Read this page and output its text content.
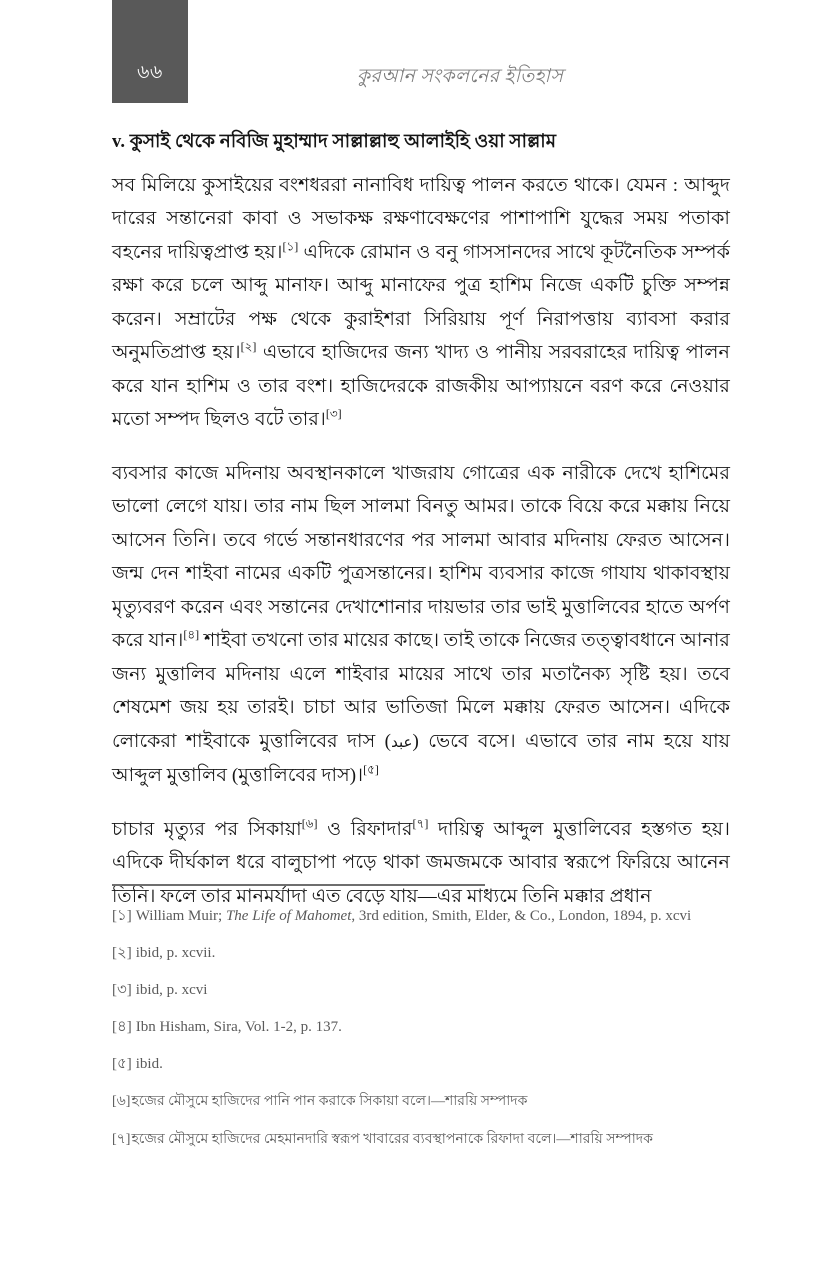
৬৬	কুরআন সংকলনের ইতিহাস
v. কুসাই থেকে নবিজি মুহাম্মাদ সাল্লাল্লাহু আলাইহি ওয়া সাল্লাম

সব মিলিয়ে কুসাইয়ের বংশধররা নানাবিধ দায়িত্ব পালন করতে থাকে। যেমন : আব্দুদ দারের সন্তানেরা কাবা ও সভাকক্ষ রক্ষণাবেক্ষণের পাশাপাশি যুদ্ধের সময় পতাকা বহনের দায়িত্বপ্রাপ্ত হয়।[১] এদিকে রোমান ও বনু গাসসানদের সাথে কূটনৈতিক সম্পর্ক রক্ষা করে চলে আব্দু মানাফ। আব্দু মানাফের পুত্র হাশিম নিজে একটি চুক্তি সম্পন্ন করেন। সম্রাটের পক্ষ থেকে কুরাইশরা সিরিয়ায় পূর্ণ নিরাপত্তায় ব্যাবসা করার অনুমতিপ্রাপ্ত হয়।[২] এভাবে হাজিদের জন্য খাদ্য ও পানীয় সরবরাহের দায়িত্ব পালন করে যান হাশিম ও তার বংশ। হাজিদেরকে রাজকীয় আপ্যায়নে বরণ করে নেওয়ার মতো সম্পদ ছিলও বটে তার।[৩]

ব্যবসার কাজে মদিনায় অবস্থানকালে খাজরায গোত্রের এক নারীকে দেখে হাশিমের ভালো লেগে যায়। তার নাম ছিল সালমা বিনতু আমর। তাকে বিয়ে করে মক্কায় নিয়ে আসেন তিনি। তবে গর্ভে সন্তানধারণের পর সালমা আবার মদিনায় ফেরত আসেন। জন্ম দেন শাইবা নামের একটি পুত্রসন্তানের। হাশিম ব্যবসার কাজে গাযায থাকাবস্থায় মৃত্যুবরণ করেন এবং সন্তানের দেখাশোনার দায়ভার তার ভাই মুত্তালিবের হাতে অর্পণ করে যান।[৪] শাইবা তখনো তার মায়ের কাছে। তাই তাকে নিজের তত্ত্বাবধানে আনার জন্য মুত্তালিব মদিনায় এলে শাইবার মায়ের সাথে তার মতানৈক্য সৃষ্টি হয়। তবে শেষমেশ জয় হয় তারই। চাচা আর ভাতিজা মিলে মক্কায় ফেরত আসেন। এদিকে লোকেরা শাইবাকে মুত্তালিবের দাস (عبد) ভেবে বসে। এভাবে তার নাম হয়ে যায় আব্দুল মুত্তালিব (মুত্তালিবের দাস)।[৫]

চাচার মৃত্যুর পর সিকায়া[৬] ও রিফাদার[৭] দায়িত্ব আব্দুল মুত্তালিবের হস্তগত হয়। এদিকে দীর্ঘকাল ধরে বালুচাপা পড়ে থাকা জমজমকে আবার স্বরূপে ফিরিয়ে আনেন তিনি। ফলে তার মানমর্যাদা এত বেড়ে যায়—এর মাধ্যমে তিনি মক্কার প্রধান

[১] William Muir; The Life of Mahomet, 3rd edition, Smith, Elder, & Co., London, 1894, p. xcvi
[২] ibid, p. xcvii.
[৩] ibid, p. xcvi
[৪] Ibn Hisham, Sira, Vol. 1-2, p. 137.
[৫] ibid.
[৬]হজের মৌসুমে হাজিদের পানি পান করাকে সিকায়া বলে।—শারয়ি সম্পাদক
[৭]হজের মৌসুমে হাজিদের মেহমানদারি স্বরূপ খাবারের ব্যবস্থাপনাকে রিফাদা বলে।—শারয়ি সম্পাদক
